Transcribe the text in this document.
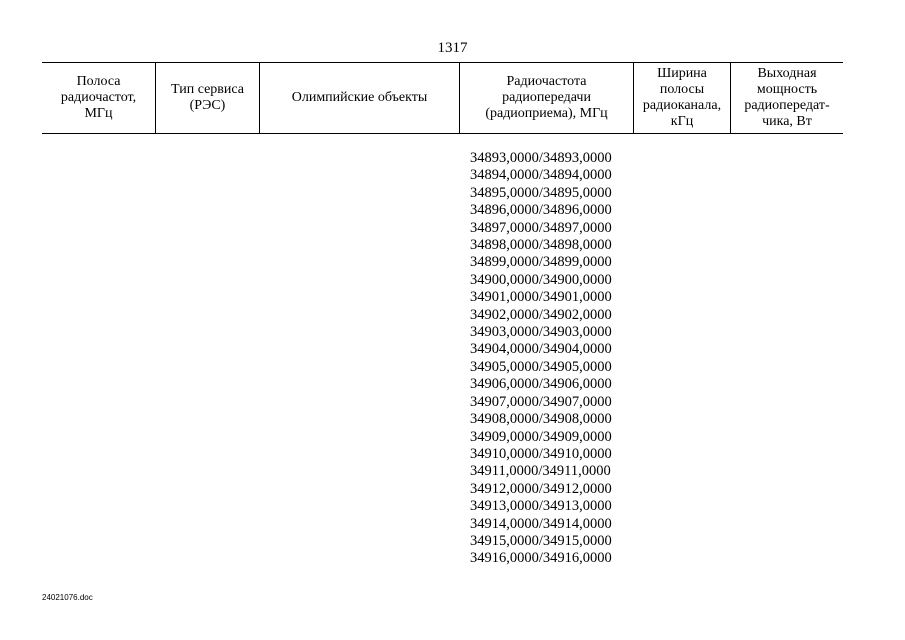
1317
Полоса
радиочастот,
МГц
Тип сервиса
(РЭС)
Олимпийские объекты
Радиочастота
радиопередачи
(радиоприема), МГц
Ширина
полосы
радиоканала,
кГц
Выходная
мощность
радиопередат-
чика, Вт
34893,0000/34893,0000
34894,0000/34894,0000
34895,0000/34895,0000
34896,0000/34896,0000
34897,0000/34897,0000
34898,0000/34898,0000
34899,0000/34899,0000
34900,0000/34900,0000
34901,0000/34901,0000
34902,0000/34902,0000
34903,0000/34903,0000
34904,0000/34904,0000
34905,0000/34905,0000
34906,0000/34906,0000
34907,0000/34907,0000
34908,0000/34908,0000
34909,0000/34909,0000
34910,0000/34910,0000
34911,0000/34911,0000
34912,0000/34912,0000
34913,0000/34913,0000
34914,0000/34914,0000
34915,0000/34915,0000
34916,0000/34916,0000
24021076.doc
